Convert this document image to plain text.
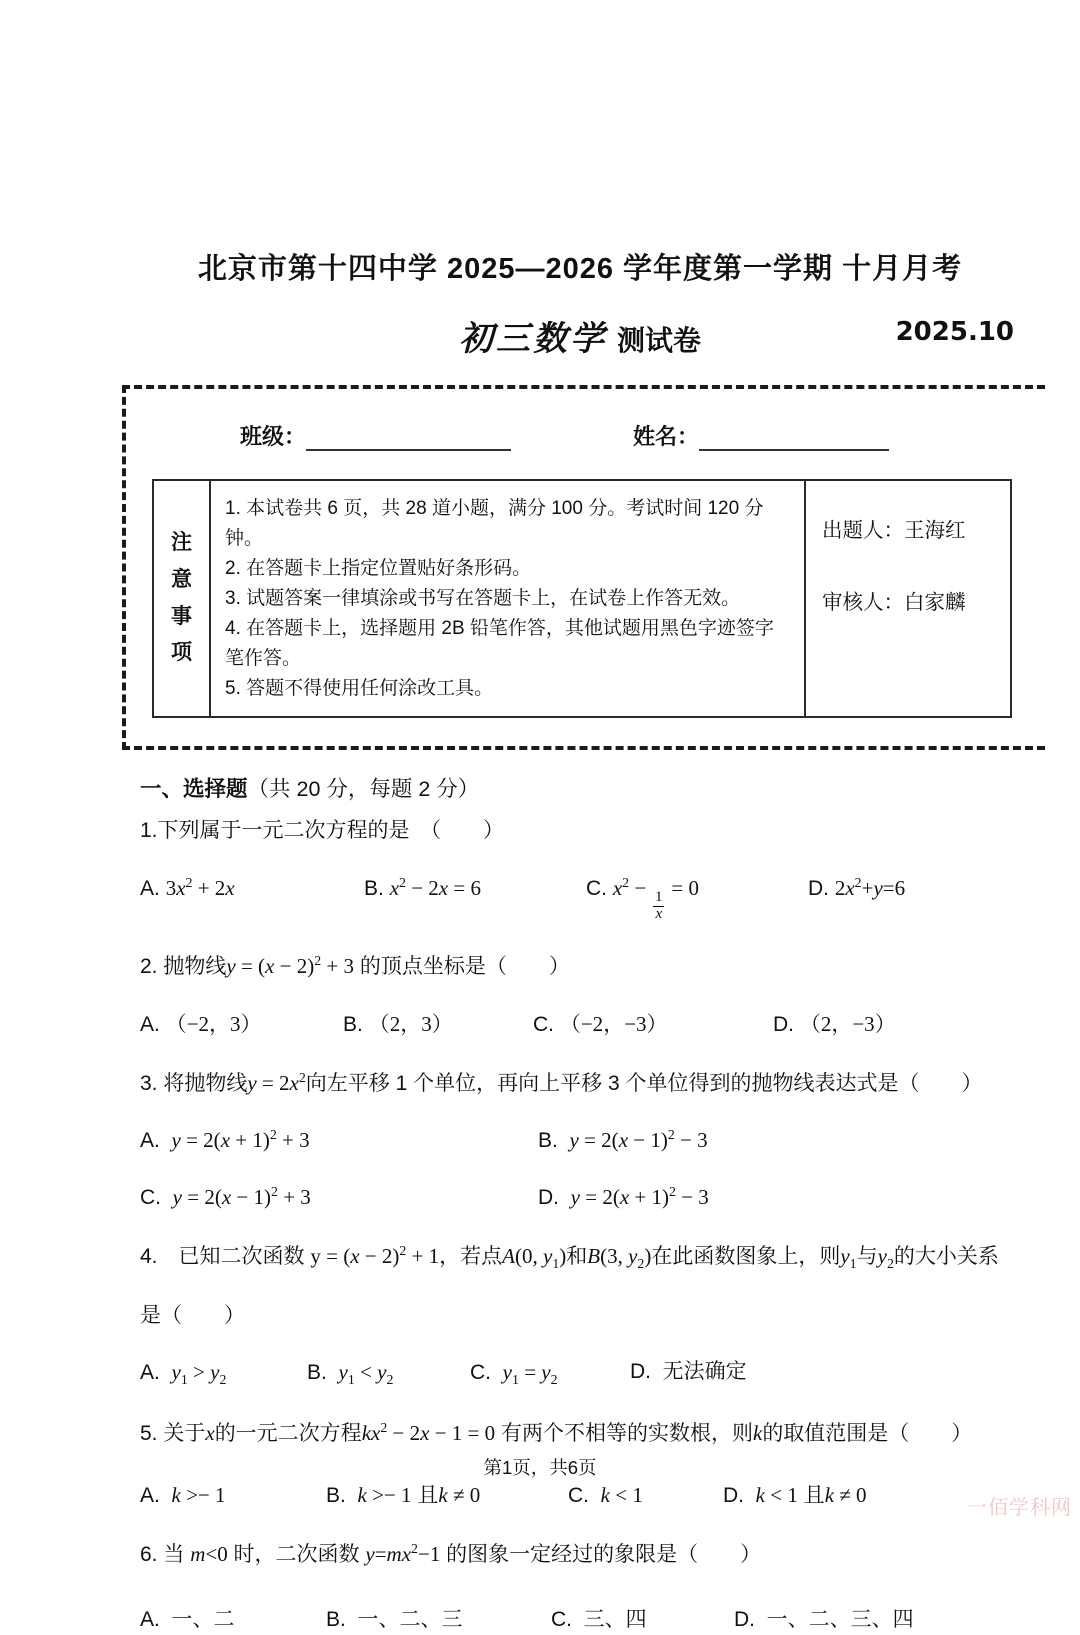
北京市第十四中学 2025—2026 学年度第一学期 十月月考
初三数学 测试卷	2025.10
班级：	姓名：
注意事项
1. 本试卷共 6 页，共 28 道小题，满分 100 分。考试时间 120 分钟。
2. 在答题卡上指定位置贴好条形码。
3. 试题答案一律填涂或书写在答题卡上，在试卷上作答无效。
4. 在答题卡上，选择题用 2B 铅笔作答，其他试题用黑色字迹签字笔作答。
5. 答题不得使用任何涂改工具。
出题人：王海红
审核人：白家麟
一、选择题（共 20 分，每题 2 分）
1.下列属于一元二次方程的是　（　　）
A. $3x^2 + 2x$	B. $x^2 - 2x = 6$	C. $x^2$ −
$\frac{1}{x}$
= 0	D. $2x^2+y=6$
2. 抛物线$y = (x - 2)^2 + 3$ 的顶点坐标是（　　）
A. （−2，3）	B. （2，3）	C. （−2，−3）	D. （2，−3）
3. 将抛物线$y = 2x^2$向左平移 1 个单位，再向上平移 3 个单位得到的抛物线表达式是（　　）
A.  $y = 2(x + 1)^2 + 3$	B.  $y = 2(x - 1)^2 - 3$
C.  $y = 2(x - 1)^2 + 3$	D.  $y = 2(x + 1)^2 - 3$
4.　已知二次函数 $y = (x - 2)^2 + 1$，若点A(0, $y_1$)和B(3, $y_2$)在此函数图象上，则$y_1$与$y_2$的大小关系
是（　　）
A.  $y_1 > y_2$	B.  $y_1 < y_2$	C.  $y_1 = y_2$	D.  无法确定
5. 关于x的一元二次方程$kx^2 - 2x - 1 = 0$ 有两个不相等的实数根，则k的取值范围是（　　）
A.  k >− 1	B.  k >− 1 且k ≠ 0	C.  k < 1	D.  k < 1 且k ≠ 0
6. 当 m<0 时，二次函数 $y=mx^2-1$ 的图象一定经过的象限是（　　）
A.  一、二	B.  一、二、三	C.  三、四	D.  一、二、三、四
第1页，共6页
一佰学科网
